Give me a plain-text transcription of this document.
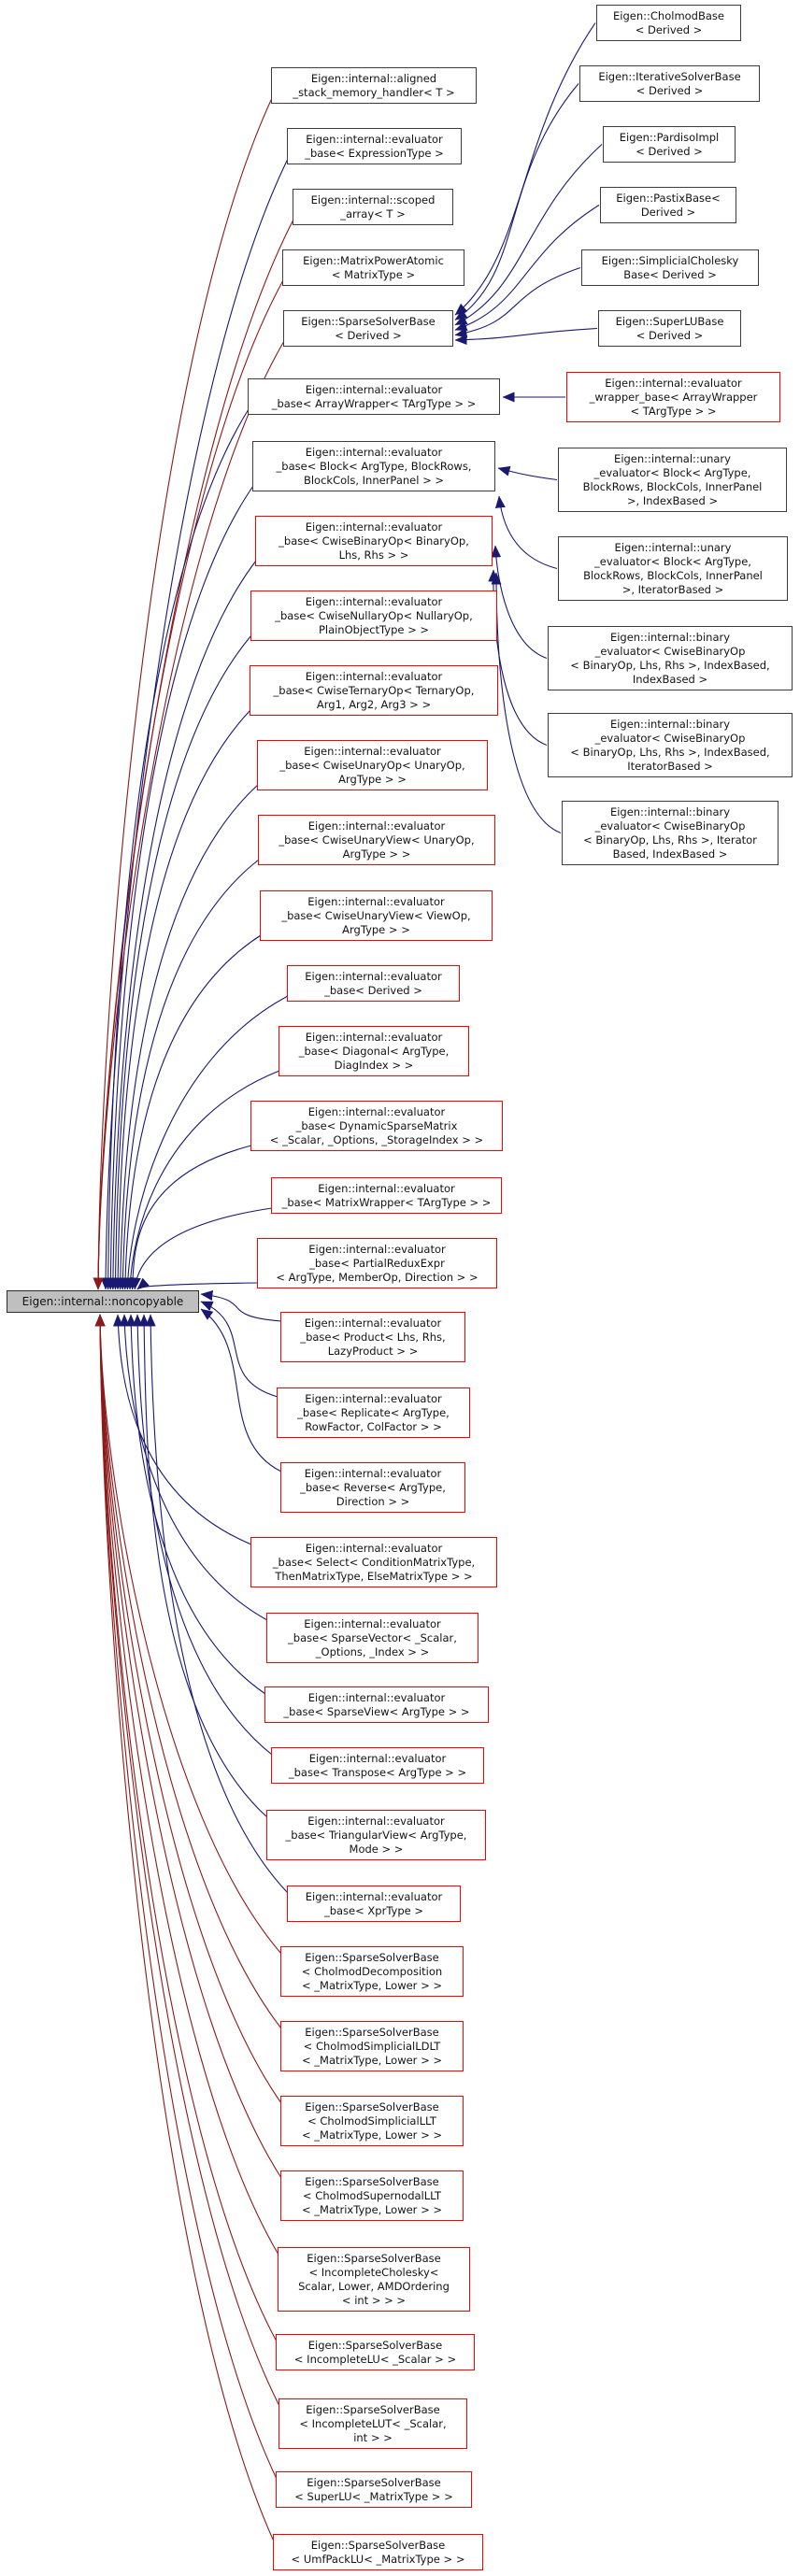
Eigen::internal::noncopyable
Eigen::internal::aligned
_stack_memory_handler< T >
Eigen::internal::evaluator
_base< ExpressionType >
Eigen::internal::scoped
_array< T >
Eigen::MatrixPowerAtomic
< MatrixType >
Eigen::SparseSolverBase
< Derived >
Eigen::internal::evaluator
_base< ArrayWrapper< TArgType > >
Eigen::internal::evaluator
_base< Block< ArgType, BlockRows,
BlockCols, InnerPanel > >
Eigen::internal::evaluator
_base< CwiseBinaryOp< BinaryOp,
Lhs, Rhs > >
Eigen::internal::evaluator
_base< CwiseNullaryOp< NullaryOp,
PlainObjectType > >
Eigen::internal::evaluator
_base< CwiseTernaryOp< TernaryOp,
Arg1, Arg2, Arg3 > >
Eigen::internal::evaluator
_base< CwiseUnaryOp< UnaryOp,
ArgType > >
Eigen::internal::evaluator
_base< CwiseUnaryView< UnaryOp,
ArgType > >
Eigen::internal::evaluator
_base< CwiseUnaryView< ViewOp,
ArgType > >
Eigen::internal::evaluator
_base< Derived >
Eigen::internal::evaluator
_base< Diagonal< ArgType,
DiagIndex > >
Eigen::internal::evaluator
_base< DynamicSparseMatrix
< _Scalar, _Options, _StorageIndex > >
Eigen::internal::evaluator
_base< MatrixWrapper< TArgType > >
Eigen::internal::evaluator
_base< PartialReduxExpr
< ArgType, MemberOp, Direction > >
Eigen::internal::evaluator
_base< Product< Lhs, Rhs,
LazyProduct > >
Eigen::internal::evaluator
_base< Replicate< ArgType,
RowFactor, ColFactor > >
Eigen::internal::evaluator
_base< Reverse< ArgType,
Direction > >
Eigen::internal::evaluator
_base< Select< ConditionMatrixType,
ThenMatrixType, ElseMatrixType > >
Eigen::internal::evaluator
_base< SparseVector< _Scalar,
_Options, _Index > >
Eigen::internal::evaluator
_base< SparseView< ArgType > >
Eigen::internal::evaluator
_base< Transpose< ArgType > >
Eigen::internal::evaluator
_base< TriangularView< ArgType,
Mode > >
Eigen::internal::evaluator
_base< XprType >
Eigen::SparseSolverBase
< CholmodDecomposition
< _MatrixType, Lower > >
Eigen::SparseSolverBase
< CholmodSimplicialLDLT
< _MatrixType, Lower > >
Eigen::SparseSolverBase
< CholmodSimplicialLLT
< _MatrixType, Lower > >
Eigen::SparseSolverBase
< CholmodSupernodalLLT
< _MatrixType, Lower > >
Eigen::SparseSolverBase
< IncompleteCholesky<
Scalar, Lower, AMDOrdering
< int > > >
Eigen::SparseSolverBase
< IncompleteLU< _Scalar > >
Eigen::SparseSolverBase
< IncompleteLUT< _Scalar,
int > >
Eigen::SparseSolverBase
< SuperLU< _MatrixType > >
Eigen::SparseSolverBase
< UmfPackLU< _MatrixType > >
Eigen::CholmodBase
< Derived >
Eigen::IterativeSolverBase
< Derived >
Eigen::PardisoImpl
< Derived >
Eigen::PastixBase<
Derived >
Eigen::SimplicialCholesky
Base< Derived >
Eigen::SuperLUBase
< Derived >
Eigen::internal::evaluator
_wrapper_base< ArrayWrapper
< TArgType > >
Eigen::internal::unary
_evaluator< Block< ArgType,
BlockRows, BlockCols, InnerPanel
>, IndexBased >
Eigen::internal::unary
_evaluator< Block< ArgType,
BlockRows, BlockCols, InnerPanel
>, IteratorBased >
Eigen::internal::binary
_evaluator< CwiseBinaryOp
< BinaryOp, Lhs, Rhs >, IndexBased,
IndexBased >
Eigen::internal::binary
_evaluator< CwiseBinaryOp
< BinaryOp, Lhs, Rhs >, IndexBased,
IteratorBased >
Eigen::internal::binary
_evaluator< CwiseBinaryOp
< BinaryOp, Lhs, Rhs >, Iterator
Based, IndexBased >
